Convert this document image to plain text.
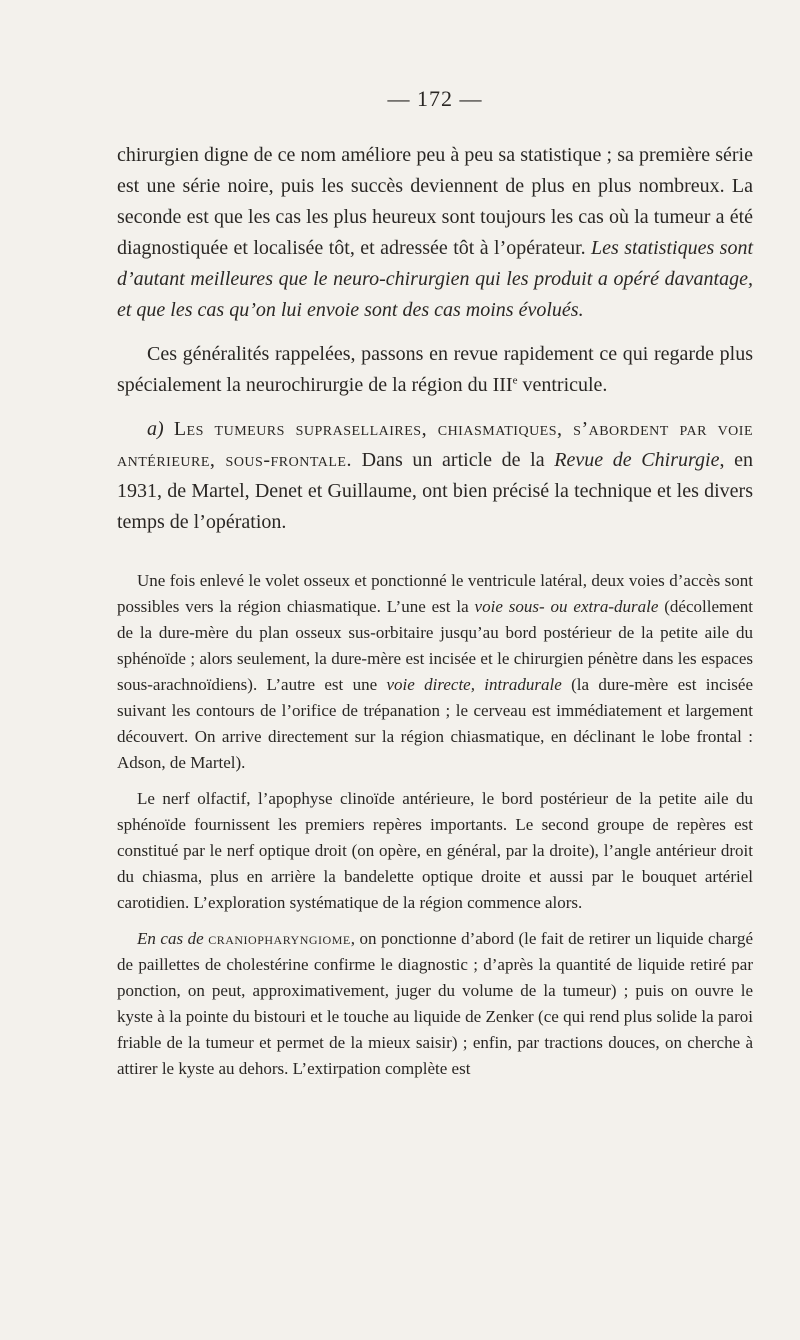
— 172 —

chirurgien digne de ce nom améliore peu à peu sa statistique ; sa première série est une série noire, puis les succès deviennent de plus en plus nombreux. La seconde est que les cas les plus heureux sont toujours les cas où la tumeur a été diagnostiquée et localisée tôt, et adressée tôt à l’opérateur. Les statistiques sont d’autant meilleures que le neuro-chirurgien qui les produit a opéré davantage, et que les cas qu’on lui envoie sont des cas moins évolués.

Ces généralités rappelées, passons en revue rapidement ce qui regarde plus spécialement la neurochirurgie de la région du IIIe ventricule.

a) Les tumeurs suprasellaires, chiasmatiques, s’abordent par voie antérieure, sous-frontale. Dans un article de la Revue de Chirurgie, en 1931, de Martel, Denet et Guillaume, ont bien précisé la technique et les divers temps de l’opération.

Une fois enlevé le volet osseux et ponctionné le ventricule latéral, deux voies d’accès sont possibles vers la région chiasmatique. L’une est la voie sous- ou extra-durale (décollement de la dure-mère du plan osseux sus-orbitaire jusqu’au bord postérieur de la petite aile du sphénoïde ; alors seulement, la dure-mère est incisée et le chirurgien pénètre dans les espaces sous-arachnoïdiens). L’autre est une voie directe, intradurale (la dure-mère est incisée suivant les contours de l’orifice de trépanation ; le cerveau est immédiatement et largement découvert. On arrive directement sur la région chiasmatique, en déclinant le lobe frontal : Adson, de Martel).

Le nerf olfactif, l’apophyse clinoïde antérieure, le bord postérieur de la petite aile du sphénoïde fournissent les premiers repères importants. Le second groupe de repères est constitué par le nerf optique droit (on opère, en général, par la droite), l’angle antérieur droit du chiasma, plus en arrière la bandelette optique droite et aussi par le bouquet artériel carotidien. L’exploration systématique de la région commence alors.

En cas de craniopharyngiome, on ponctionne d’abord (le fait de retirer un liquide chargé de paillettes de cholestérine confirme le diagnostic ; d’après la quantité de liquide retiré par ponction, on peut, approximativement, juger du volume de la tumeur) ; puis on ouvre le kyste à la pointe du bistouri et le touche au liquide de Zenker (ce qui rend plus solide la paroi friable de la tumeur et permet de la mieux saisir) ; enfin, par tractions douces, on cherche à attirer le kyste au dehors. L’extirpation complète est
